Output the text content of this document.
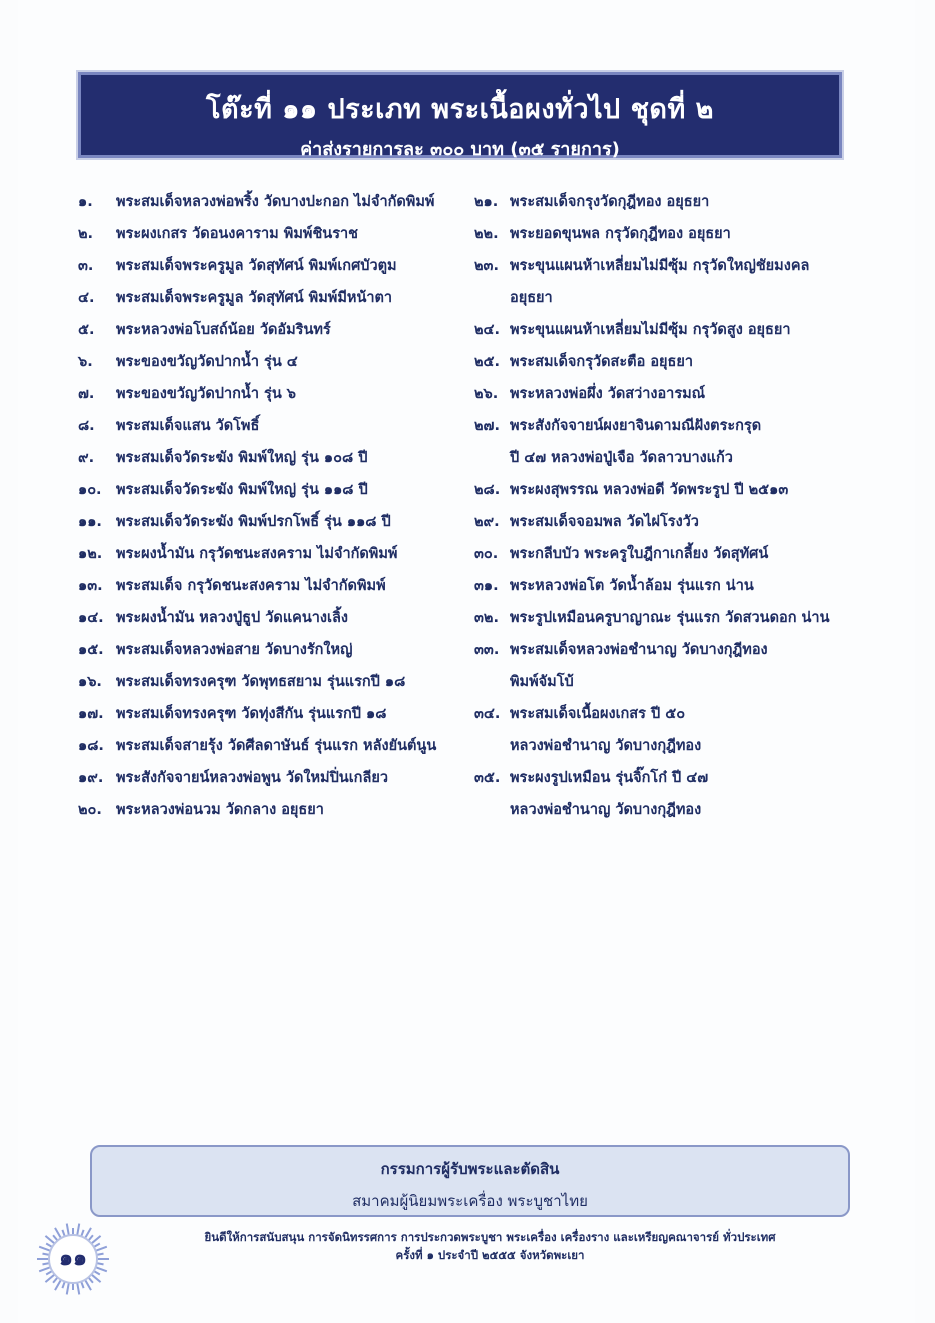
โต๊ะที่ ๑๑ ประเภท พระเนื้อผงทั่วไป ชุดที่ ๒
ค่าส่งรายการละ ๓๐๐ บาท (๓๕ รายการ)
๑.	พระสมเด็จหลวงพ่อพริ้ง วัดบางปะกอก ไม่จำกัดพิมพ์
๒.	พระผงเกสร วัดอนงคาราม พิมพ์ชินราช
๓.	พระสมเด็จพระครูมูล วัดสุทัศน์ พิมพ์เกศบัวตูม
๔.	พระสมเด็จพระครูมูล วัดสุทัศน์ พิมพ์มีหน้าตา
๕.	พระหลวงพ่อโบสถ์น้อย วัดอัมรินทร์
๖.	พระของขวัญวัดปากน้ำ รุ่น ๔
๗.	พระของขวัญวัดปากน้ำ รุ่น ๖
๘.	พระสมเด็จแสน วัดโพธิ์
๙.	พระสมเด็จวัดระฆัง พิมพ์ใหญ่ รุ่น ๑๐๘ ปี
๑๐. พระสมเด็จวัดระฆัง พิมพ์ใหญ่ รุ่น ๑๑๘ ปี
๑๑. พระสมเด็จวัดระฆัง พิมพ์ปรกโพธิ์ รุ่น ๑๑๘ ปี
๑๒. พระผงน้ำมัน กรุวัดชนะสงคราม ไม่จำกัดพิมพ์
๑๓. พระสมเด็จ กรุวัดชนะสงคราม ไม่จำกัดพิมพ์
๑๔. พระผงน้ำมัน หลวงปู่ธูป วัดแคนางเลิ้ง
๑๕. พระสมเด็จหลวงพ่อสาย วัดบางรักใหญ่
๑๖. พระสมเด็จทรงครุฑ วัดพุทธสยาม รุ่นแรกปี ๑๘
๑๗. พระสมเด็จทรงครุฑ วัดทุ่งสีกัน รุ่นแรกปี ๑๘
๑๘. พระสมเด็จสายรุ้ง วัดศีลดาษันธ์ รุ่นแรก หลังยันต์นูน
๑๙. พระสังกัจจายน์หลวงพ่อพูน วัดใหม่ปิ่นเกลียว
๒๐. พระหลวงพ่อนวม วัดกลาง อยุธยา
๒๑. พระสมเด็จกรุงวัดกุฎีทอง อยุธยา
๒๒. พระยอดขุนพล กรุวัดกุฎีทอง อยุธยา
๒๓. พระขุนแผนห้าเหลี่ยมไม่มีซุ้ม กรุวัดใหญ่ชัยมงคล
อยุธยา
๒๔. พระขุนแผนห้าเหลี่ยมไม่มีซุ้ม กรุวัดสูง อยุธยา
๒๕. พระสมเด็จกรุวัดสะตือ อยุธยา
๒๖. พระหลวงพ่อผึ่ง วัดสว่างอารมณ์
๒๗. พระสังกัจจายน์ผงยาจินดามณีฝังตระกรุด
ปี ๔๗ หลวงพ่อปู่เจือ วัดลาวบางแก้ว
๒๘. พระผงสุพรรณ หลวงพ่อดี วัดพระรูป ปี ๒๕๑๓
๒๙. พระสมเด็จจอมพล วัดไผ่โรงวัว
๓๐. พระกลีบบัว พระครูใบฎีกาเกลี้ยง วัดสุทัศน์
๓๑. พระหลวงพ่อโต วัดน้ำล้อม รุ่นแรก น่าน
๓๒. พระรูปเหมือนครูบาญาณะ รุ่นแรก วัดสวนดอก น่าน
๓๓. พระสมเด็จหลวงพ่อชำนาญ วัดบางกุฎีทอง
พิมพ์จัมโบ้
๓๔. พระสมเด็จเนื้อผงเกสร ปี ๕๐
หลวงพ่อชำนาญ วัดบางกุฎีทอง
๓๕. พระผงรูปเหมือน รุ่นจิ๊กโก๋ ปี ๔๗
หลวงพ่อชำนาญ วัดบางกุฎีทอง
กรรมการผู้รับพระและตัดสิน
สมาคมผู้นิยมพระเครื่อง พระบูชาไทย
ยินดีให้การสนับสนุน การจัดนิทรรศการ การประกวดพระบูชา พระเครื่อง เครื่องราง และเหรียญคณาจารย์ ทั่วประเทศ
ครั้งที่ ๑ ประจำปี ๒๕๕๕ จังหวัดพะเยา
๑๑
